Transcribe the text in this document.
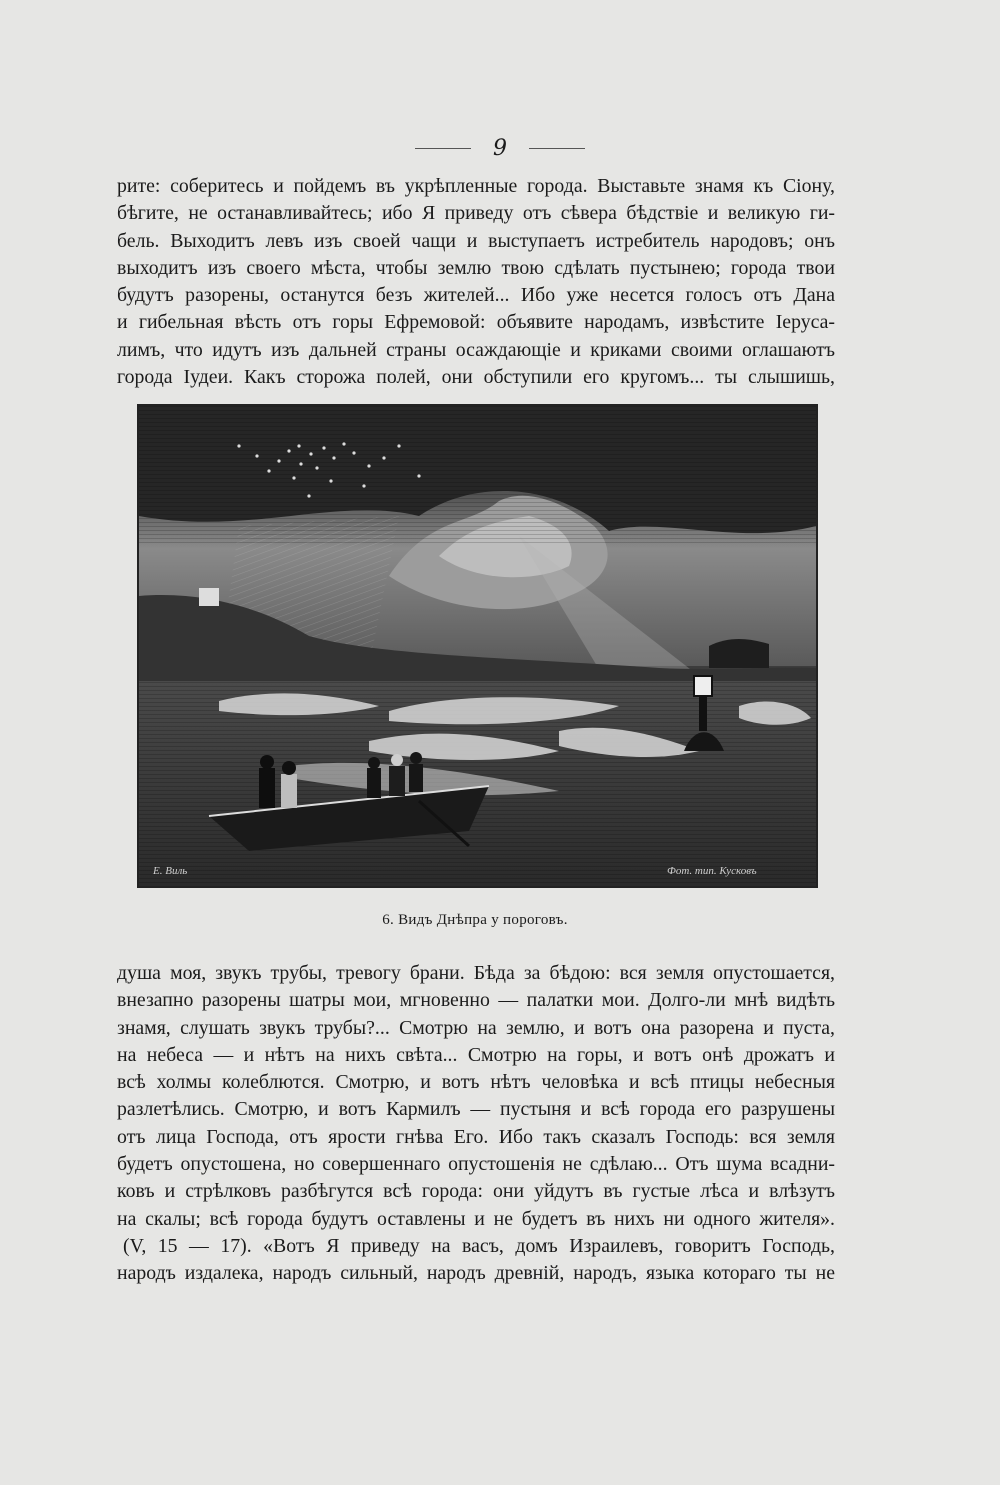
9
рите: соберитесь и пойдемъ въ укрѣпленные города. Выставьте знамя къ Сіону,
бѣгите, не останавливайтесь; ибо Я приведу отъ сѣвера бѣдствіе и великую ги-
бель. Выходитъ левъ изъ своей чащи и выступаетъ истребитель народовъ; онъ
выходитъ изъ своего мѣста, чтобы землю твою сдѣлать пустынею; города твои
будутъ разорены, останутся безъ жителей... Ибо уже несется голосъ отъ Дана
и гибельная вѣсть отъ горы Ефремовой: объявите народамъ, извѣстите Іеруса-
лимъ, что идутъ изъ дальней страны осаждающіе и криками своими оглашаютъ
города Іудеи. Какъ сторожа полей, они обступили его кругомъ... ты слышишь,
Е. Виль	Фот. тип. Кусковъ
6. Видъ Днѣпра у пороговъ.
душа моя, звукъ трубы, тревогу брани. Бѣда за бѣдою: вся земля опустошается,
внезапно разорены шатры мои, мгновенно — палатки мои. Долго-ли мнѣ видѣть
знамя, слушать звукъ трубы?... Смотрю на землю, и вотъ она разорена и пуста,
на небеса — и нѣтъ на нихъ свѣта... Смотрю на горы, и вотъ онѣ дрожатъ и
всѣ холмы колеблются. Смотрю, и вотъ нѣтъ человѣка и всѣ птицы небесныя
разлетѣлись. Смотрю, и вотъ Кармилъ — пустыня и всѣ города его разрушены
отъ лица Господа, отъ ярости гнѣва Его. Ибо такъ сказалъ Господь: вся земля
будетъ опустошена, но совершеннаго опустошенія не сдѣлаю... Отъ шума всадни-
ковъ и стрѣлковъ разбѣгутся всѣ города: они уйдутъ въ густые лѣса и влѣзутъ
на скалы; всѣ города будутъ оставлены и не будетъ въ нихъ ни одного жителя».
(V, 15 — 17). «Вотъ Я приведу на васъ, домъ Израилевъ, говоритъ Господь,
народъ издалека, народъ сильный, народъ древній, народъ, языка котораго ты не
